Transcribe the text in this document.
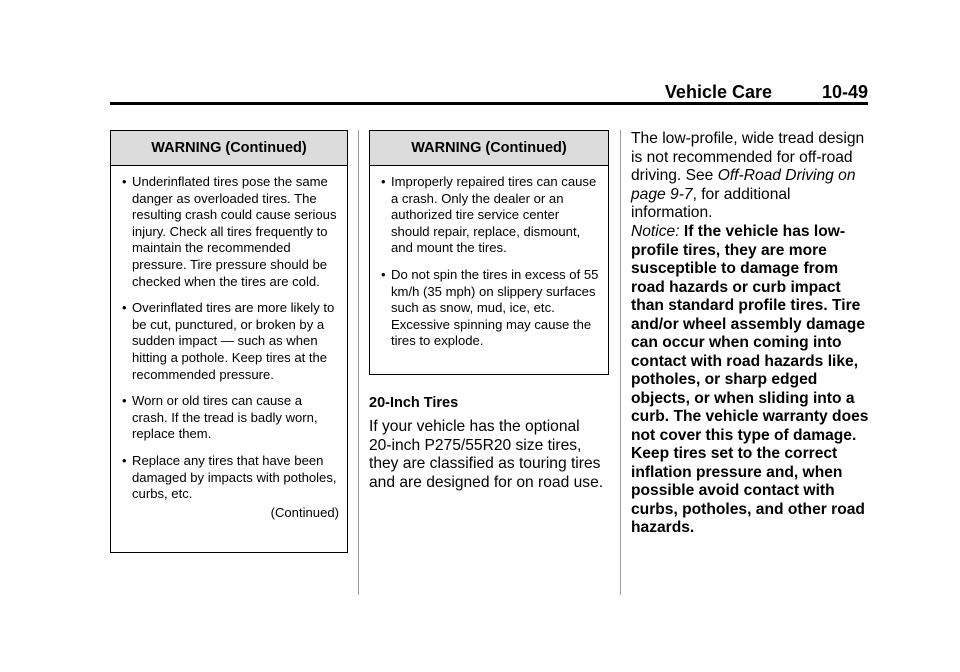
Vehicle Care	10-49
WARNING (Continued)
• Underinflated tires pose the same danger as overloaded tires. The resulting crash could cause serious injury. Check all tires frequently to maintain the recommended pressure. Tire pressure should be checked when the tires are cold.
• Overinflated tires are more likely to be cut, punctured, or broken by a sudden impact — such as when hitting a pothole. Keep tires at the recommended pressure.
• Worn or old tires can cause a crash. If the tread is badly worn, replace them.
• Replace any tires that have been damaged by impacts with potholes, curbs, etc.
(Continued)
WARNING (Continued)
• Improperly repaired tires can cause a crash. Only the dealer or an authorized tire service center should repair, replace, dismount, and mount the tires.
• Do not spin the tires in excess of 55 km/h (35 mph) on slippery surfaces such as snow, mud, ice, etc. Excessive spinning may cause the tires to explode.
20-Inch Tires
If your vehicle has the optional 20-inch P275/55R20 size tires, they are classified as touring tires and are designed for on road use.
The low-profile, wide tread design is not recommended for off-road driving. See Off-Road Driving on page 9-7, for additional information.
Notice: If the vehicle has low-profile tires, they are more susceptible to damage from road hazards or curb impact than standard profile tires. Tire and/or wheel assembly damage can occur when coming into contact with road hazards like, potholes, or sharp edged objects, or when sliding into a curb. The vehicle warranty does not cover this type of damage. Keep tires set to the correct inflation pressure and, when possible avoid contact with curbs, potholes, and other road hazards.
